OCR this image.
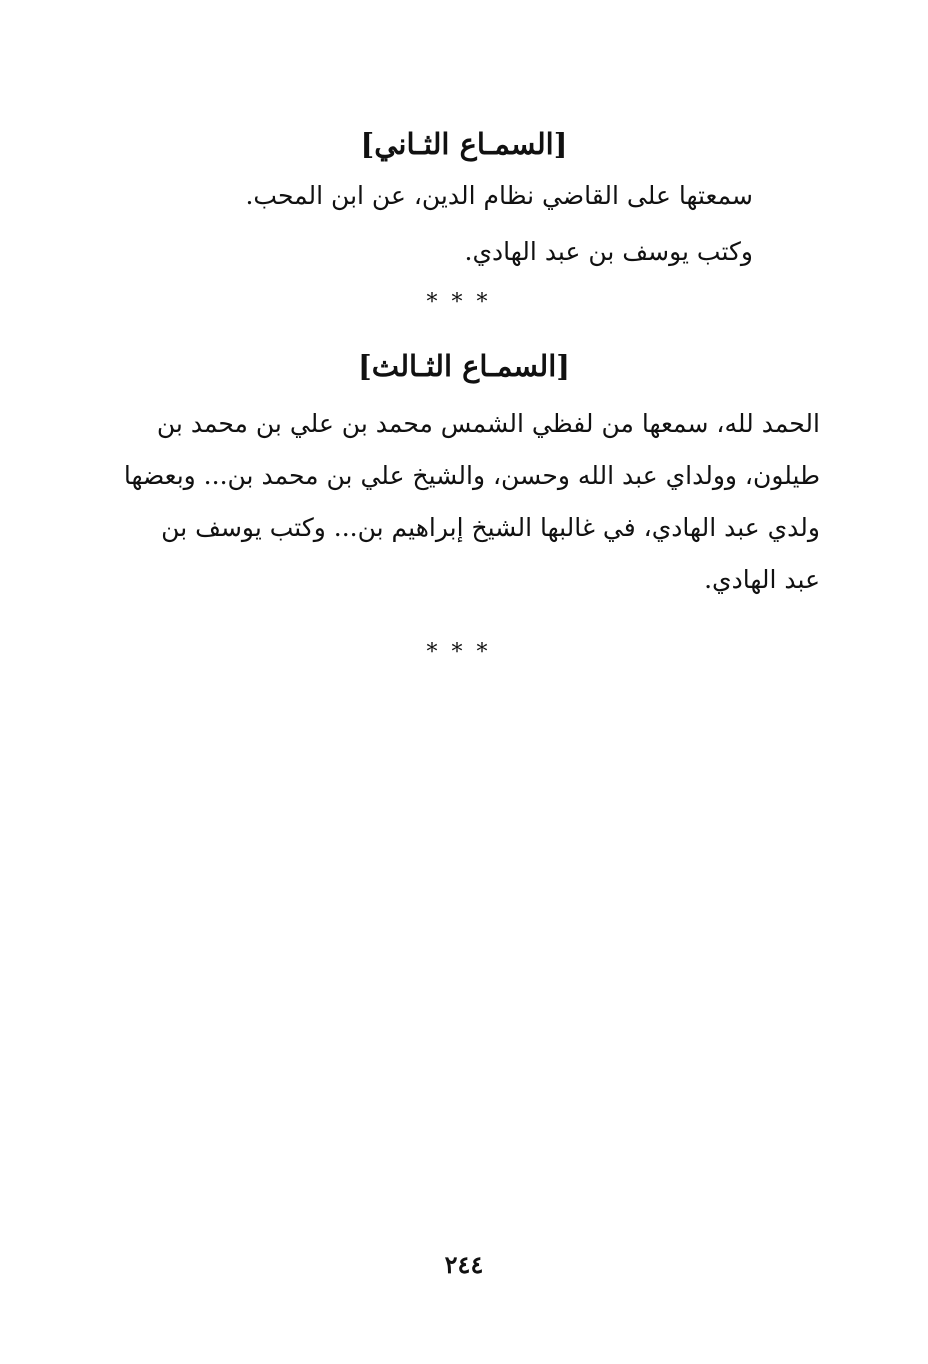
[السمـاع الثـاني]

سمعتها على القاضي نظام الدين، عن ابن المحب.

وكتب يوسف بن عبد الهادي.

***

[السمـاع الثـالث]

الحمد لله، سمعها من لفظي الشمس محمد بن علي بن محمد بن

طيلون، وولداي عبد الله وحسن، والشيخ علي بن محمد بن... وبعضها

ولدي عبد الهادي، في غالبها الشيخ إبراهيم بن... وكتب يوسف بن

عبد الهادي.

***

٢٤٤
